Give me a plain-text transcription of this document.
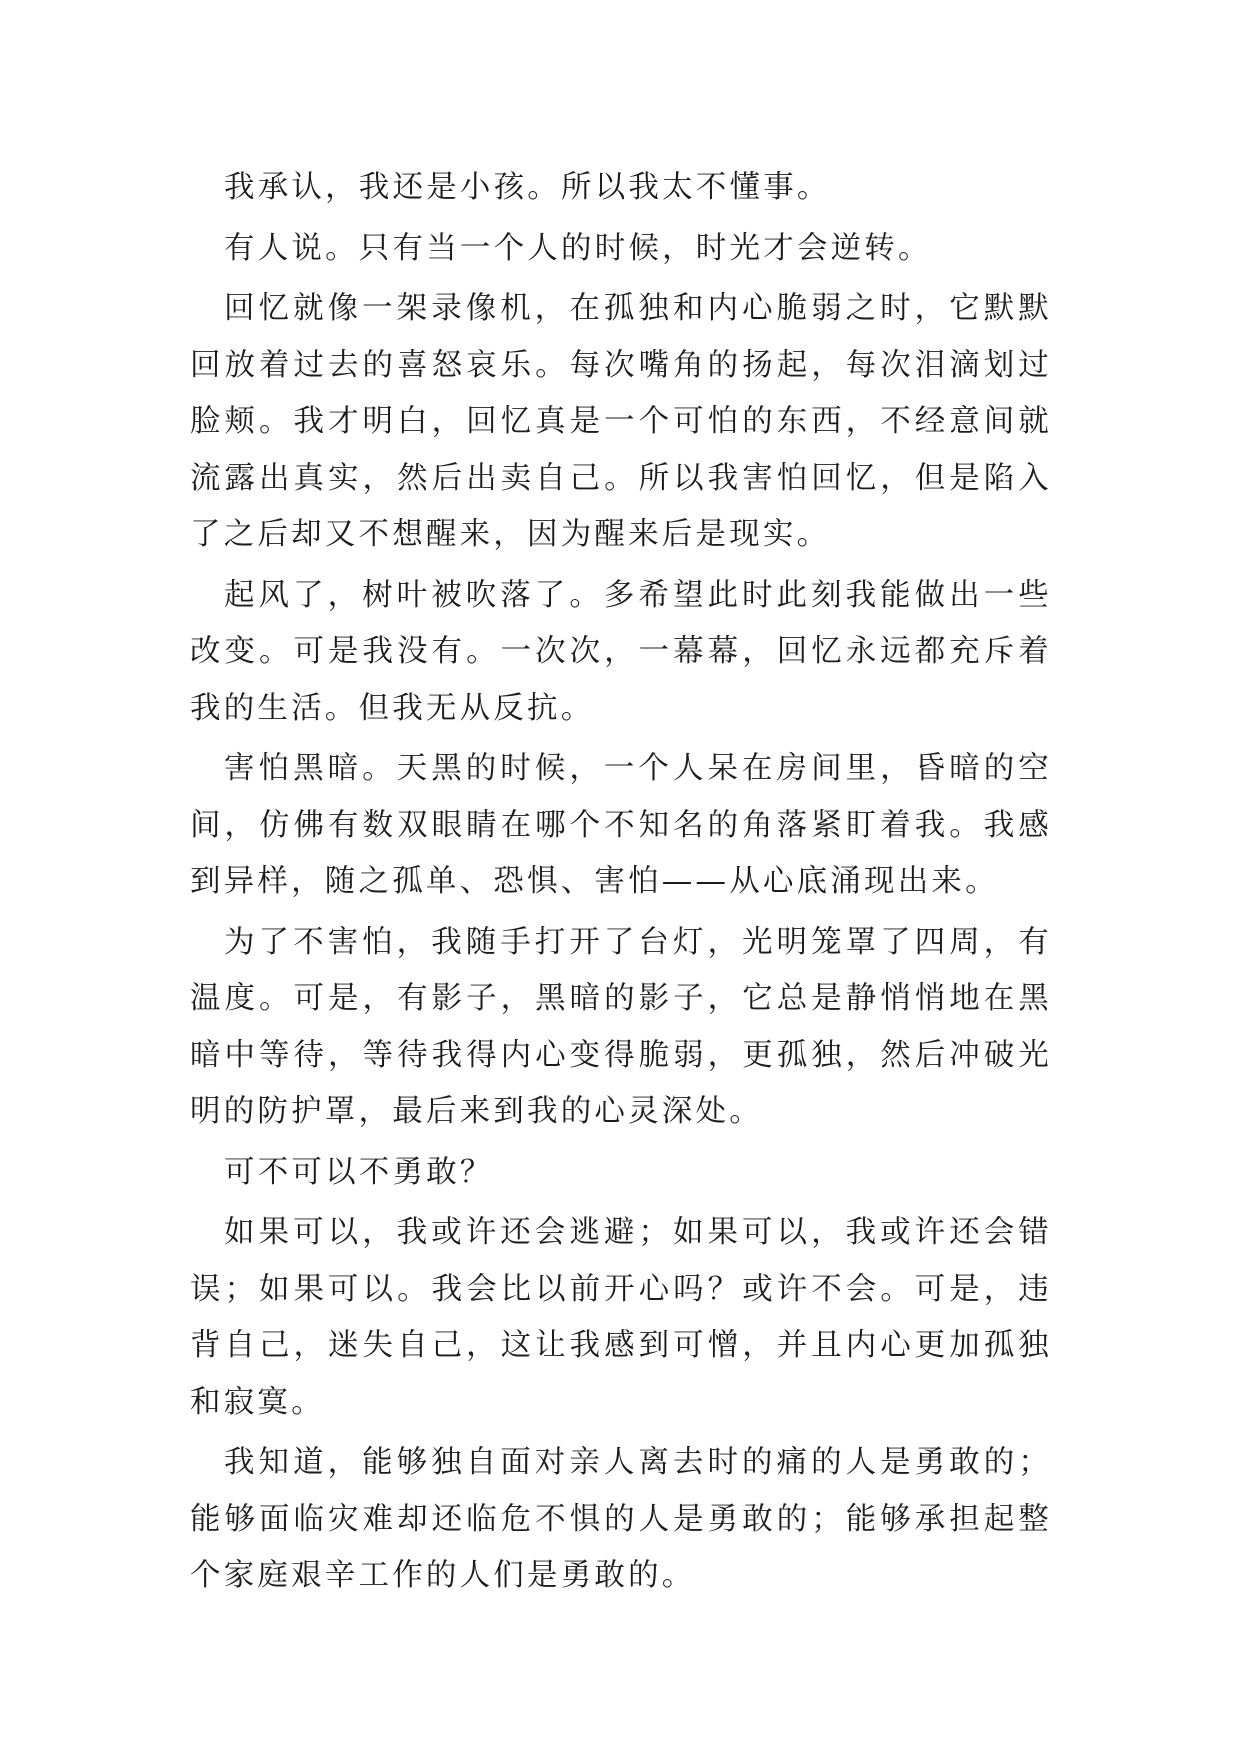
我承认，我还是小孩。所以我太不懂事。

有人说。只有当一个人的时候，时光才会逆转。

回忆就像一架录像机，在孤独和内心脆弱之时，它默默回放着过去的喜怒哀乐。每次嘴角的扬起，每次泪滴划过脸颊。我才明白，回忆真是一个可怕的东西，不经意间就流露出真实，然后出卖自己。所以我害怕回忆，但是陷入了之后却又不想醒来，因为醒来后是现实。

起风了，树叶被吹落了。多希望此时此刻我能做出一些改变。可是我没有。一次次，一幕幕，回忆永远都充斥着我的生活。但我无从反抗。

害怕黑暗。天黑的时候，一个人呆在房间里，昏暗的空间，仿佛有数双眼睛在哪个不知名的角落紧盯着我。我感到异样，随之孤单、恐惧、害怕——从心底涌现出来。

为了不害怕，我随手打开了台灯，光明笼罩了四周，有温度。可是，有影子，黑暗的影子，它总是静悄悄地在黑暗中等待，等待我得内心变得脆弱，更孤独，然后冲破光明的防护罩，最后来到我的心灵深处。

可不可以不勇敢？

如果可以，我或许还会逃避；如果可以，我或许还会错误；如果可以。我会比以前开心吗？或许不会。可是，违背自己，迷失自己，这让我感到可憎，并且内心更加孤独和寂寞。

我知道，能够独自面对亲人离去时的痛的人是勇敢的；能够面临灾难却还临危不惧的人是勇敢的；能够承担起整个家庭艰辛工作的人们是勇敢的。
